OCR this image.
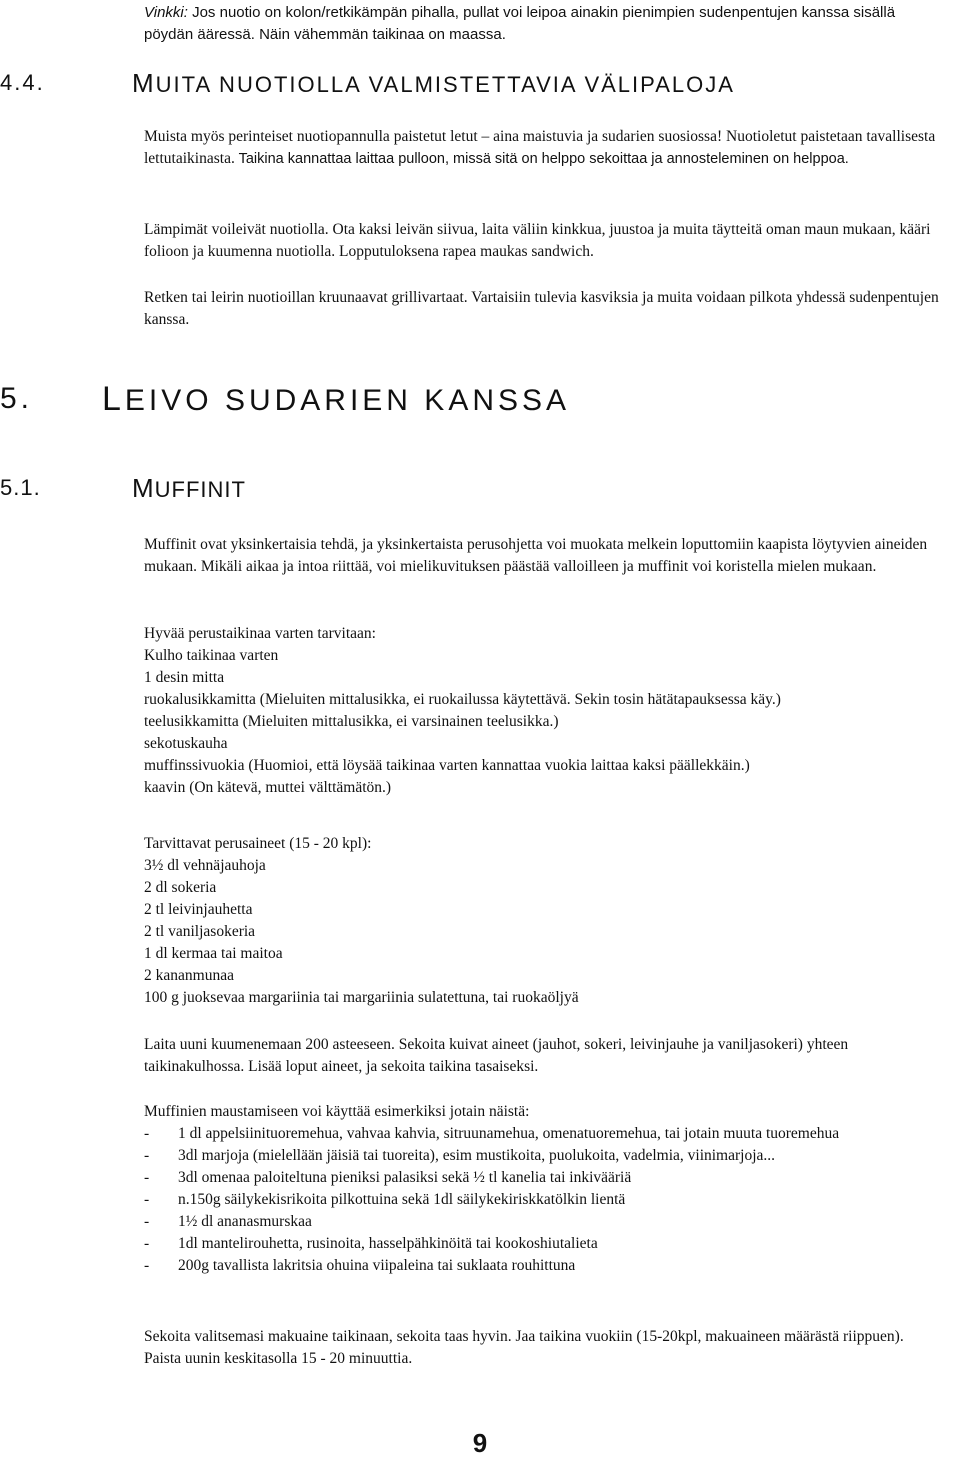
Vinkki: Jos nuotio on kolon/retkikämpän pihalla, pullat voi leipoa ainakin pienimpien sudenpentujen kanssa sisällä pöydän ääressä. Näin vähemmän taikinaa on maassa.
4.4.	MUITA NUOTIOLLA VALMISTETTAVIA VÄLIPALOJA

Muista myös perinteiset nuotiopannulla paistetut letut – aina maistuvia ja sudarien suosiossa! Nuotioletut paistetaan tavallisesta lettutaikinasta. Taikina kannattaa laittaa pulloon, missä sitä on helppo sekoittaa ja annosteleminen on helppoa.

Lämpimät voileivät nuotiolla. Ota kaksi leivän siivua, laita väliin kinkkua, juustoa ja muita täytteitä oman maun mukaan, kääri folioon ja kuumenna nuotiolla. Lopputuloksena rapea maukas sandwich.

Retken tai leirin nuotioillan kruunaavat grillivartaat. Vartaisiin tulevia kasviksia ja muita voidaan pilkota yhdessä sudenpentujen kanssa.

5. LEIVO SUDARIEN KANSSA
5.1.	MUFFINIT

Muffinit ovat yksinkertaisia tehdä, ja yksinkertaista perusohjetta voi muokata melkein loputtomiin kaapista löytyvien aineiden mukaan. Mikäli aikaa ja intoa riittää, voi mielikuvituksen päästää valloilleen ja muffinit voi koristella mielen mukaan.

Hyvää perustaikinaa varten tarvitaan:
Kulho taikinaa varten
1 desin mitta
ruokalusikkamitta (Mieluiten mittalusikka, ei ruokailussa käytettävä. Sekin tosin hätätapauksessa käy.)
teelusikkamitta (Mieluiten mittalusikka, ei varsinainen teelusikka.)
sekotuskauha
muffinssivuokia (Huomioi, että löysää taikinaa varten kannattaa vuokia laittaa kaksi päällekkäin.)
kaavin (On kätevä, muttei välttämätön.)
Tarvittavat perusaineet (15 - 20 kpl):
3½ dl vehnäjauhoja
2 dl sokeria
2 tl leivinjauhetta
2 tl vaniljasokeria
1 dl kermaa tai maitoa
2 kananmunaa
100 g juoksevaa margariinia tai margariinia sulatettuna, tai ruokaöljyä

Laita uuni kuumenemaan 200 asteeseen. Sekoita kuivat aineet (jauhot, sokeri, leivinjauhe ja vaniljasokeri) yhteen taikinakulhossa. Lisää loput aineet, ja sekoita taikina tasaiseksi.

Muffinien maustamiseen voi käyttää esimerkiksi jotain näistä:
- 1 dl appelsiinituoremehua, vahvaa kahvia, sitruunamehua, omenatuoremehua, tai jotain muuta tuoremehua
- 3dl marjoja (mielellään jäisiä tai tuoreita), esim mustikoita, puolukoita, vadelmia, viinimarjoja...
- 3dl omenaa paloiteltuna pieniksi palasiksi sekä ½ tl kanelia tai inkivääriä
- n.150g säilykekisrikoita pilkottuina sekä 1dl säilykekiriskkatölkin lientä
- 1½ dl ananasmurskaa
- 1dl mantelirouhetta, rusinoita, hasselpähkinöitä tai kookoshiutalieta
- 200g tavallista lakritsia ohuina viipaleina tai suklaata rouhittuna

Sekoita valitsemasi makuaine taikinaan, sekoita taas hyvin. Jaa taikina vuokiin (15-20kpl, makuaineen määrästä riippuen). Paista uunin keskitasolla 15 - 20 minuuttia.

9
